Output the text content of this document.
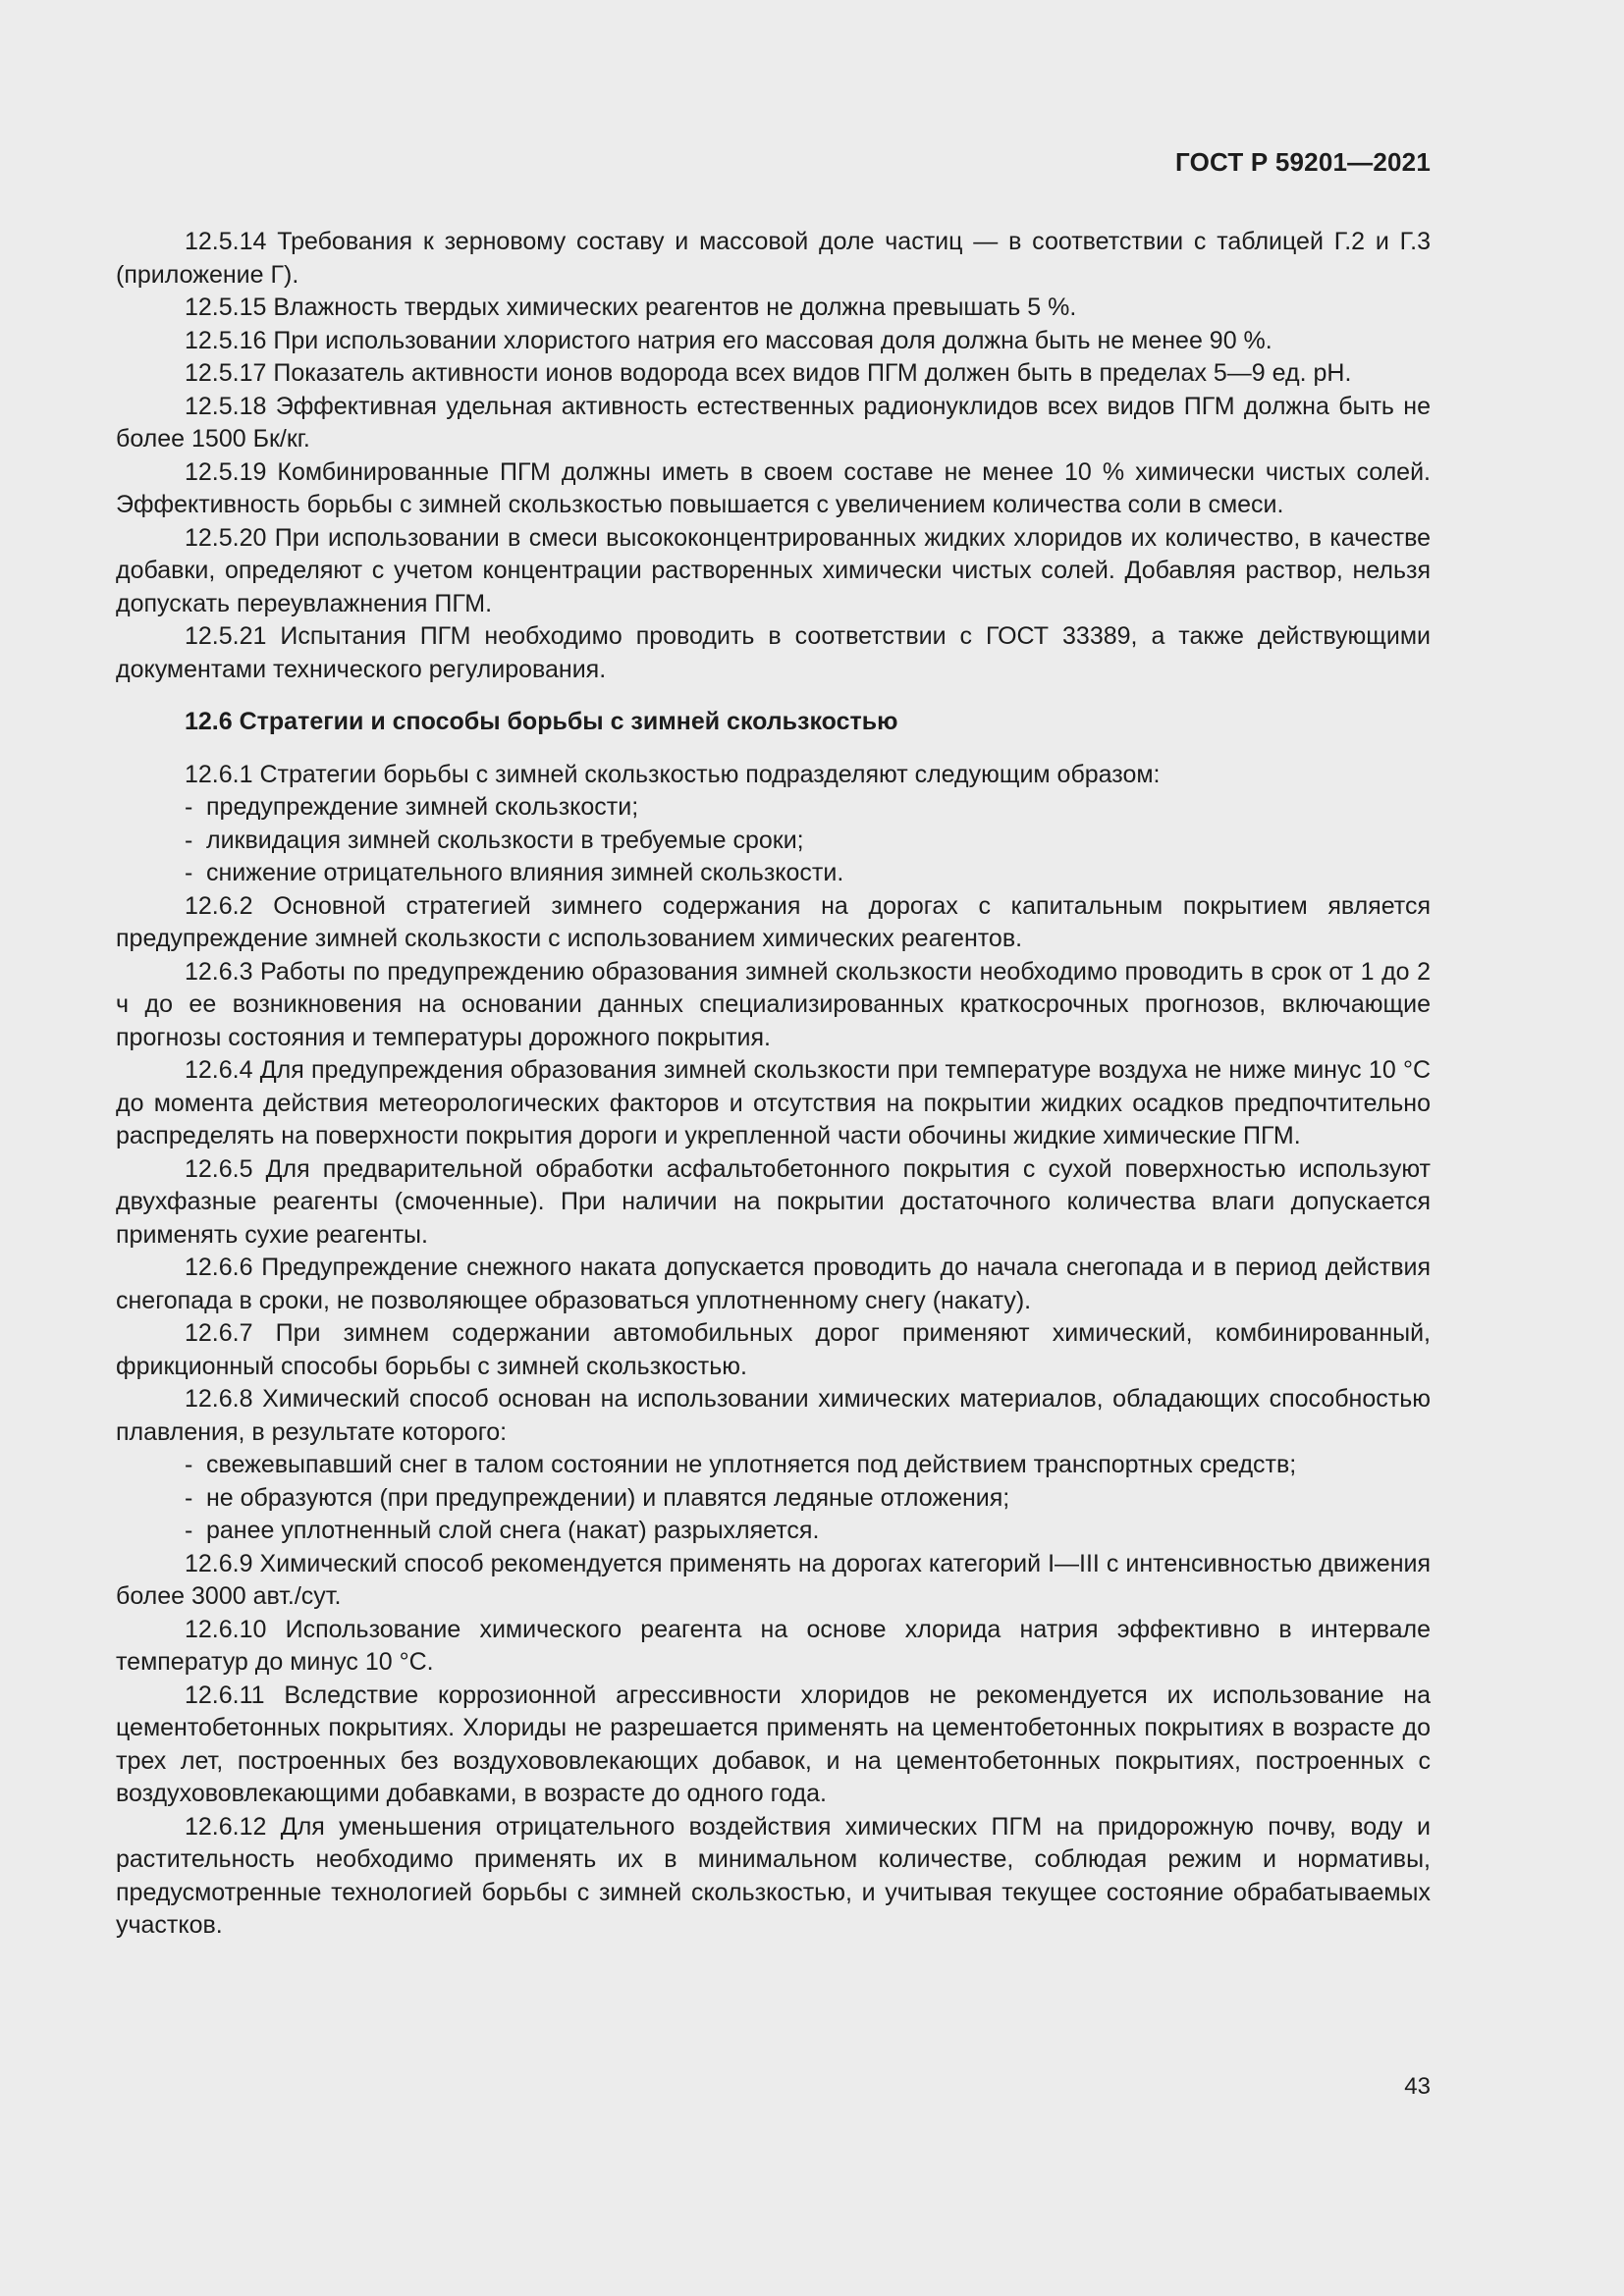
ГОСТ Р 59201—2021

12.5.14 Требования к зерновому составу и массовой доле частиц — в соответствии с таблицей Г.2 и Г.3 (приложение Г).

12.5.15 Влажность твердых химических реагентов не должна превышать 5 %.

12.5.16 При использовании хлористого натрия его массовая доля должна быть не менее 90 %.

12.5.17 Показатель активности ионов водорода всех видов ПГМ должен быть в пределах 5—9 ед. рН.

12.5.18 Эффективная удельная активность естественных радионуклидов всех видов ПГМ должна быть не более 1500 Бк/кг.

12.5.19 Комбинированные ПГМ должны иметь в своем составе не менее 10 % химически чистых солей. Эффективность борьбы с зимней скользкостью повышается с увеличением количества соли в смеси.

12.5.20 При использовании в смеси высококонцентрированных жидких хлоридов их количество, в качестве добавки, определяют с учетом концентрации растворенных химически чистых солей. Добавляя раствор, нельзя допускать переувлажнения ПГМ.

12.5.21 Испытания ПГМ необходимо проводить в соответствии с ГОСТ 33389, а также действующими документами технического регулирования.

12.6 Стратегии и способы борьбы с зимней скользкостью

12.6.1 Стратегии борьбы с зимней скользкостью подразделяют следующим образом:

- предупреждение зимней скользкости;
- ликвидация зимней скользкости в требуемые сроки;
- снижение отрицательного влияния зимней скользкости.

12.6.2 Основной стратегией зимнего содержания на дорогах с капитальным покрытием является предупреждение зимней скользкости с использованием химических реагентов.

12.6.3 Работы по предупреждению образования зимней скользкости необходимо проводить в срок от 1 до 2 ч до ее возникновения на основании данных специализированных краткосрочных прогнозов, включающие прогнозы состояния и температуры дорожного покрытия.

12.6.4 Для предупреждения образования зимней скользкости при температуре воздуха не ниже минус 10 °С до момента действия метеорологических факторов и отсутствия на покрытии жидких осадков предпочтительно распределять на поверхности покрытия дороги и укрепленной части обочины жидкие химические ПГМ.

12.6.5 Для предварительной обработки асфальтобетонного покрытия с сухой поверхностью используют двухфазные реагенты (смоченные). При наличии на покрытии достаточного количества влаги допускается применять сухие реагенты.

12.6.6 Предупреждение снежного наката допускается проводить до начала снегопада и в период действия снегопада в сроки, не позволяющее образоваться уплотненному снегу (накату).

12.6.7 При зимнем содержании автомобильных дорог применяют химический, комбинированный, фрикционный способы борьбы с зимней скользкостью.

12.6.8 Химический способ основан на использовании химических материалов, обладающих способностью плавления, в результате которого:

- свежевыпавший снег в талом состоянии не уплотняется под действием транспортных средств;
- не образуются (при предупреждении) и плавятся ледяные отложения;
- ранее уплотненный слой снега (накат) разрыхляется.

12.6.9 Химический способ рекомендуется применять на дорогах категорий I—III с интенсивностью движения более 3000 авт./сут.

12.6.10 Использование химического реагента на основе хлорида натрия эффективно в интервале температур до минус 10 °С.

12.6.11 Вследствие коррозионной агрессивности хлоридов не рекомендуется их использование на цементобетонных покрытиях. Хлориды не разрешается применять на цементобетонных покрытиях в возрасте до трех лет, построенных без воздухововлекающих добавок, и на цементобетонных покрытиях, построенных с воздухововлекающими добавками, в возрасте до одного года.

12.6.12 Для уменьшения отрицательного воздействия химических ПГМ на придорожную почву, воду и растительность необходимо применять их в минимальном количестве, соблюдая режим и нормативы, предусмотренные технологией борьбы с зимней скользкостью, и учитывая текущее состояние обрабатываемых участков.

43
